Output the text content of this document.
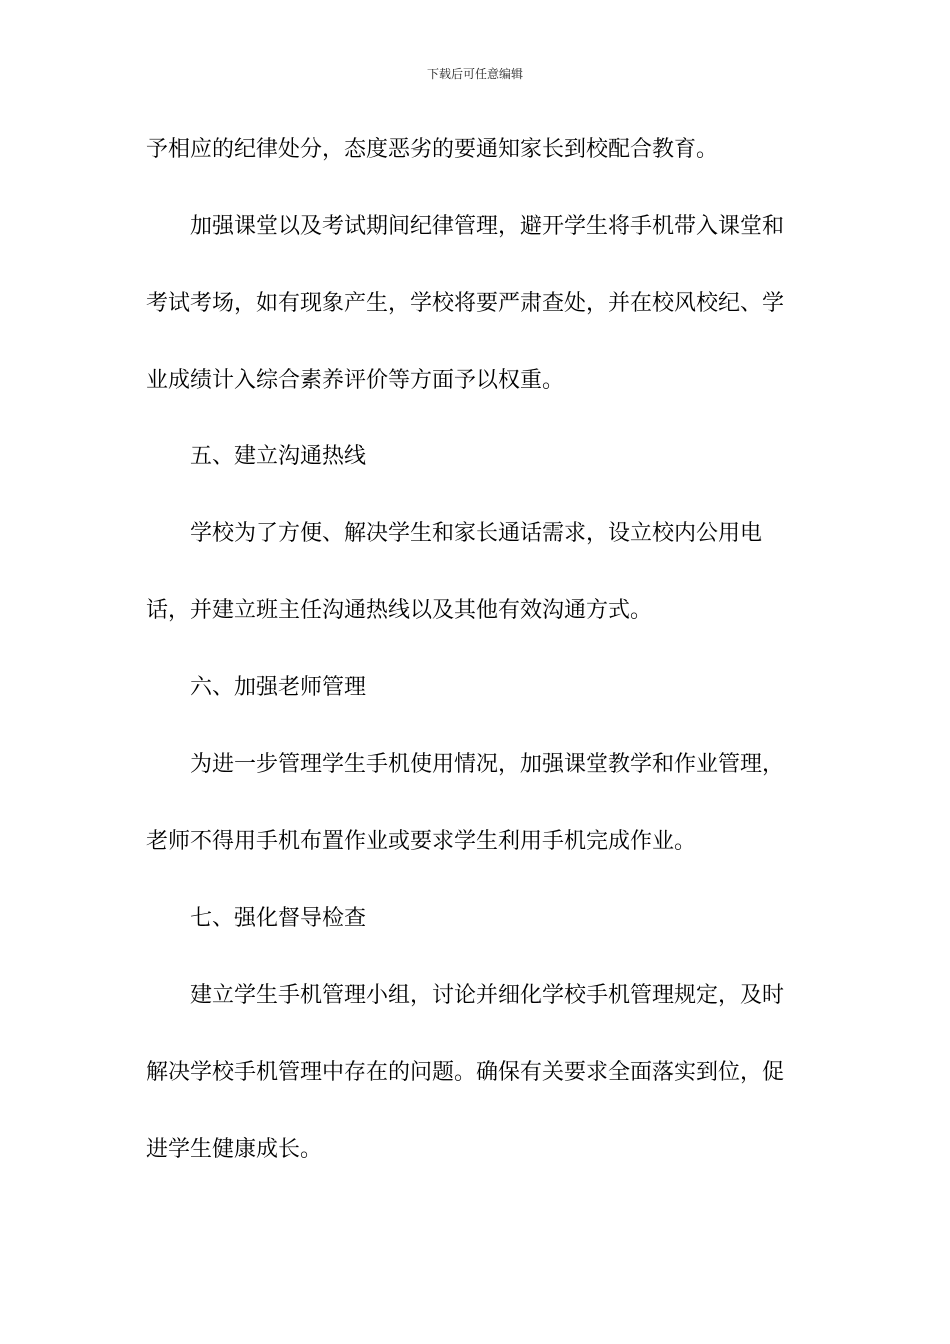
下载后可任意编辑
予相应的纪律处分，态度恶劣的要通知家长到校配合教育。
加强课堂以及考试期间纪律管理，避开学生将手机带入课堂和
考试考场，如有现象产生，学校将要严肃查处，并在校风校纪、学
业成绩计入综合素养评价等方面予以权重。
五、建立沟通热线
学校为了方便、解决学生和家长通话需求，设立校内公用电
话，并建立班主任沟通热线以及其他有效沟通方式。
六、加强老师管理
为进一步管理学生手机使用情况，加强课堂教学和作业管理，
老师不得用手机布置作业或要求学生利用手机完成作业。
七、强化督导检查
建立学生手机管理小组，讨论并细化学校手机管理规定，及时
解决学校手机管理中存在的问题。确保有关要求全面落实到位，促
进学生健康成长。
